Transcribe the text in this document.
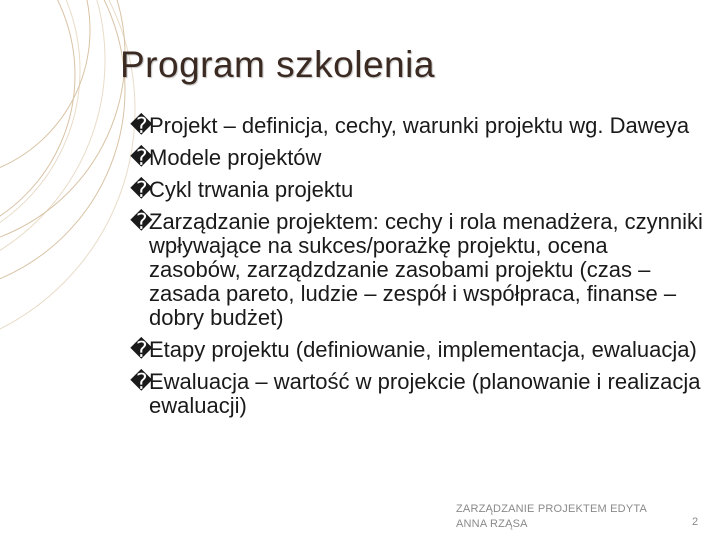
Program szkolenia
�Projekt – definicja, cechy, warunki projektu wg. Daweya
�Modele projektów
�Cykl trwania projektu
�Zarządzanie projektem: cechy i rola menadżera, czynniki wpływające na sukces/porażkę projektu, ocena zasobów, zarządzdzanie zasobami projektu (czas – zasada pareto, ludzie – zespół i współpraca, finanse – dobry budżet)
�Etapy projektu (definiowanie, implementacja, ewaluacja)
�Ewaluacja – wartość w projekcie (planowanie i realizacja ewaluacji)
ZARZĄDZANIE PROJEKTEM EDYTA ANNA RZĄSA	2
